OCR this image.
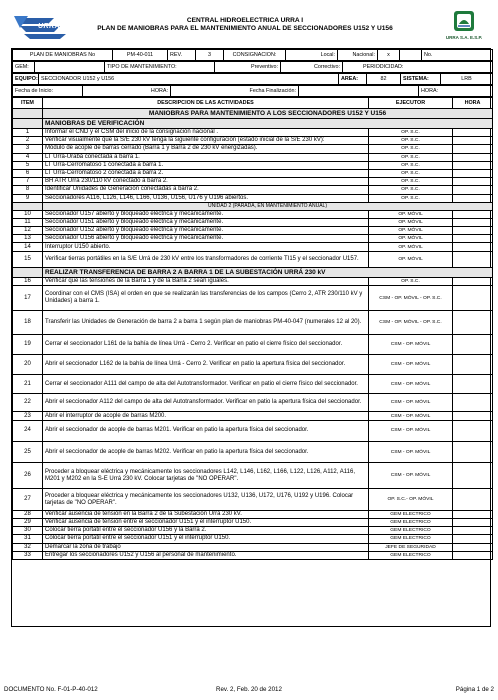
URRA
CENTRAL HIDROELECTRICA URRA I
PLAN DE MANIOBRAS PARA EL MANTENIMIENTO ANUAL DE SECCIONADORES U152 Y U156
URRA S.A. E.S.P.
PLAN DE MANIOBRAS No	PM-40-011	REV.	3	CONSIGNACION:	Local:	Nacional:	x		No.
GEM:		TIPO DE MANTENIMIENTO:	Preventivo:	Correctivo:	PERIODICIDAD:
EQUIPO:	SECCIONADOR U152 y U156	AREA:	82	SISTEMA:	LRB
Fecha de Inicio:	HORA:	Fecha Finalización:		HORA:
ITEM	DESCRIPCION DE LAS ACTIVIDADES	EJECUTOR	HORA
	MANIOBRAS PARA MANTENIMIENTO A LOS SECCIONADORES U152 Y U156		
	MANIOBRAS DE VERIFICACIÓN		
1	Informar el CND y el CSM del inicio de la consignación nacional .	OP. S.C.	
2	Verificar visualmente que la S/E 230 kV tenga la siguiente configuración (estado inicial de la S/E 230 kV):	OP. S.C.	
3	Módulo de acople de barras cerrado (Barra 1 y Barra 2 de 230 kV energizadas).	OP. S.C.	
4	LT Urrá-Urabá conectada a barra 1.	OP. S.C.	
5	LT Urrá-Cerromatoso 1 conectada a barra 1.	OP. S.C.	
6	LT Urrá-Cerromatoso 2 conectada a barra 2.	OP. S.C.	
7	BH ATR Urrá 230/110 kV conectado a barra 2.	OP. S.C.	
8	Identificar Unidades de Generación conectadas a barra 2.	OP. S.C.	
9	Seccionadores A116, L126, L146, L166, U136, U156, U176 y U196 abiertos.	OP. S.C.	
	UNIDAD 2 (PARADA, EN MANTENIMIENTO ANUAL)		
10	Seccionador U157 abierto y bloqueado eléctrica y mecánicamente.	OP. MÓVIL	
11	Seccionador U151 abierto y bloqueado eléctrica y mecánicamente.	OP. MÓVIL	
12	Seccionador U152 abierto y bloqueado eléctrica y mecánicamente.	OP. MÓVIL	
13	Seccionador U156 abierto y bloqueado eléctrica y mecánicamente.	OP. MÓVIL	
14	Interruptor U150 abierto.	OP. MÓVIL	
15	Verificar tierras portátiles en la S/E Urrá de 230 kV entre los transformadores de corriente TI15 y el seccionador U157.	OP. MÓVIL	
	REALIZAR TRANSFERENCIA DE BARRA 2 A BARRA 1 DE LA SUBESTACIÓN URRÁ 230 kV		
16	Verificar que las tensiones de la Barra 1 y de la Barra 2 sean iguales.	OP. S.C.	
17	Coordinar con el CMS (ISA) el orden en que se realizarán las transferencias de los campos (Cerro 2, ATR 230/110 kV y Unidades) a barra 1.	CSM - OP. MÓVIL - OP. S.C.	
18	Transferir las Unidades de Generación de barra 2 a barra 1 según plan de maniobras PM-40-047 (numerales 12 al 20).	CSM - OP. MÓVIL - OP. S.C.	
19	Cerrar el seccionador L161 de la bahía de línea Urrá - Cerro 2. Verificar en patio el cierre físico del seccionador.	CSM - OP. MÓVIL	
20	Abrir el seccionador L162 de la bahía de línea Urrá - Cerro 2. Verificar en patio la apertura física del seccionador.	CSM - OP. MÓVIL	
21	Cerrar el seccionador A111 del campo de alta del Autotransformador. Verificar en patio el cierre físico del seccionador.	CSM - OP. MÓVIL	
22	Abrir el seccionador A112 del campo de alta del Autotransformador. Verificar en patio la apertura física del seccionador.	CSM - OP. MÓVIL	
23	Abrir el interruptor de acople de barras M200.	CSM - OP. MÓVIL	
24	Abrir el seccionador de acople de barras M201. Verificar en patio la apertura física del seccionador.	CSM - OP. MÓVIL	
25	Abrir el seccionador de acople de barras M202. Verificar en patio la apertura física del seccionador.	CSM - OP. MÓVIL	
26	Proceder a bloquear eléctrica y mecánicamente los seccionadores L142, L146, L162, L166, L122, L126, A112, A116, M201 y M202 en la S-E Urrá 230 kV. Colocar tarjetas de "NO OPERAR".	CSM - OP. MÓVIL	
27	Proceder a bloquear eléctrica y mecánicamente los seccionadores U132, U136, U172, U176, U192 y U196. Colocar tarjetas de "NO OPERAR".	OP. S.C.- OP. MÓVIL	
28	Verificar ausencia de tensión en la Barra 2 de la Subestación Urrá 230 kV.	GEM ELECTRICO	
29	Verificar ausencia de tension entre el seccionador U151 y el interruptor U150.	GEM ELECTRICO	
30	Colocar tierra portatil entre el seccionador U156 y la Barra 2.	GEM ELECTRICO	
31	Colocar tierra portatil entre el seccionador U151 y el interruptor U150.	GEM ELECTRICO	
32	Demarcar la zona de trabajo	JEFE DE SEGURIDAD	
33	Entregar los seccionadores U152 y U156 al personal de mantenimiento.	GEM ELECTRICO	
DOCUMENTO No. F-01-P-40-012	Rev. 2, Feb. 20 de 2012	Página 1 de 2
